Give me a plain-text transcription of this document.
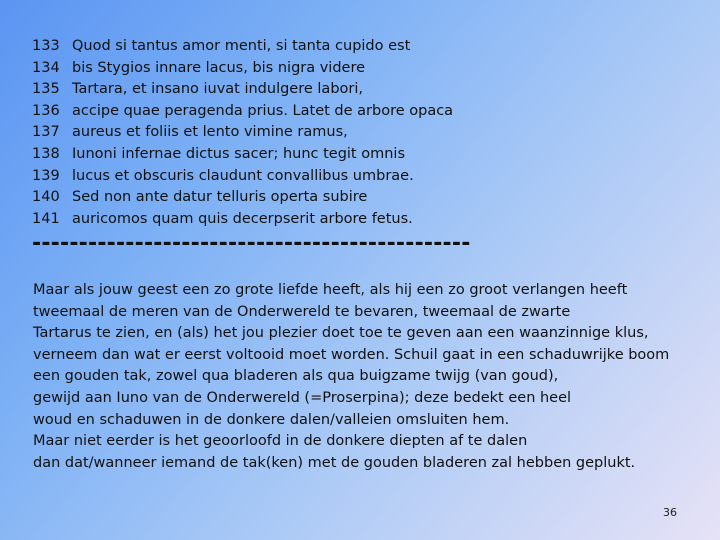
133 Quod si tantus amor menti, si tanta cupido est
134 bis Stygios innare lacus, bis nigra videre
135 Tartara, et insano iuvat indulgere labori,
136 accipe quae peragenda prius. Latet de arbore opaca
137 aureus et foliis et lento vimine ramus,
138 Iunoni infernae dictus sacer; hunc tegit omnis
139 lucus et obscuris claudunt convallibus umbrae.
140 Sed non ante datur telluris operta subire
141 auricomos quam quis decerpserit arbore fetus.
-----------------------------------------------
Maar als jouw geest een zo grote liefde heeft, als hij een zo groot verlangen heeft
tweemaal de meren van de Onderwereld te bevaren, tweemaal de zwarte
Tartarus te zien, en (als) het jou plezier doet toe te geven aan een waanzinnige klus,
verneem dan wat er eerst voltooid moet worden. Schuil gaat in een schaduwrijke boom
een gouden tak, zowel qua bladeren als qua buigzame twijg (van goud),
gewijd aan Iuno van de Onderwereld (=Proserpina); deze bedekt een heel
woud en schaduwen in de donkere dalen/valleien omsluiten hem.
Maar niet eerder is het geoorloofd in de donkere diepten af te dalen
dan dat/wanneer iemand de tak(ken) met de gouden bladeren zal hebben geplukt.
36
